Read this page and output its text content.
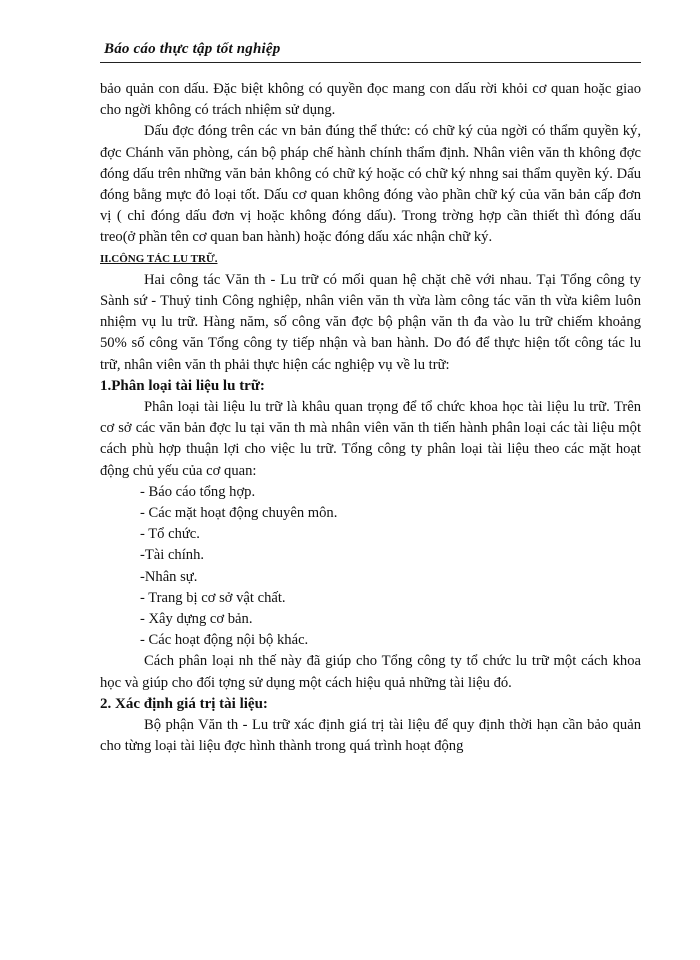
Báo cáo thực tập tốt nghiệp

bảo quản con dấu. Đặc biệt không có quyền đọc mang con dấu rời khỏi cơ quan hoặc giao cho ngời không có trách nhiệm sử dụng.

Dấu đợc đóng trên các vn bản đúng thể thức: có chữ ký của ngời có thẩm quyền ký, đợc Chánh văn phòng, cán bộ pháp chế hành chính thẩm định. Nhân viên văn th không đợc đóng dấu trên những văn bản không có chữ ký hoặc có chữ ký nhng sai thẩm quyền ký. Dấu đóng bằng mực đỏ loại tốt. Dấu cơ quan không đóng vào phần chữ ký của văn bản cấp đơn vị ( chỉ đóng dấu đơn vị hoặc không đóng dấu). Trong trờng hợp cần thiết thì đóng dấu treo(ở phần tên cơ quan ban hành) hoặc đóng dấu xác nhận chữ ký.

II.CÔNG TÁC LU TRỮ.

Hai công tác Văn th - Lu trữ có mối quan hệ chặt chẽ với nhau. Tại Tổng công ty Sành sứ - Thuỷ tinh Công nghiệp, nhân viên văn th vừa làm công tác văn th vừa kiêm luôn nhiệm vụ lu trữ. Hàng năm, số công văn đợc bộ phận văn th đa vào lu trữ chiếm khoảng 50% số công văn Tổng công ty tiếp nhận và ban hành. Do đó để thực hiện tốt công tác lu trữ, nhân viên văn th phải thực hiện các nghiệp vụ về lu trữ:

1.Phân loại tài liệu lu trữ:

Phân loại tài liệu lu trữ là khâu quan trọng để tổ chức khoa học tài liệu lu trữ. Trên cơ sở các văn bản đợc lu tại văn th mà nhân viên văn th tiến hành phân loại các tài liệu một cách phù hợp thuận lợi cho việc lu trữ. Tổng công ty phân loại tài liệu theo các mặt hoạt động chủ yếu của cơ quan:

- Báo cáo tổng hợp.

- Các mặt hoạt động chuyên môn.

- Tổ chức.

-Tài chính.

-Nhân sự.

- Trang bị cơ sở vật chất.

- Xây dựng cơ bản.

- Các hoạt động nội bộ khác.

Cách phân loại nh thế này đã giúp cho Tổng công ty tổ chức lu trữ một cách khoa học và giúp cho đối tợng sử dụng một cách hiệu quả những tài liệu đó.

2. Xác định giá trị tài liệu:

Bộ phận Văn th - Lu trữ xác định giá trị tài liệu để quy định thời hạn cần bảo quản cho từng loại tài liệu đợc hình thành trong quá trình hoạt động
